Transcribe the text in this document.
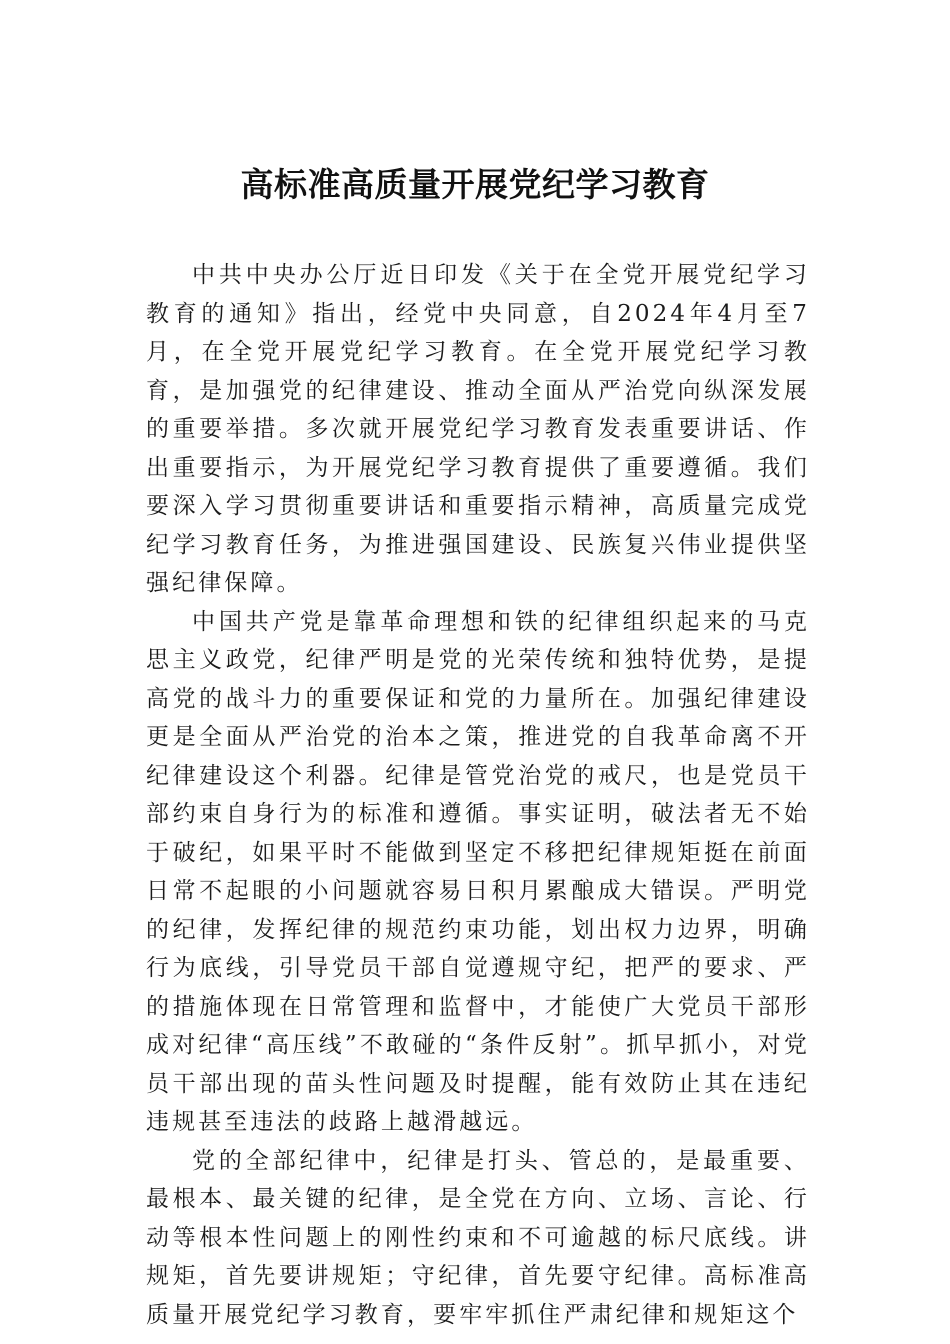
高标准高质量开展党纪学习教育

中共中央办公厅近日印发《关于在全党开展党纪学习教育的通知》指出，经党中央同意，自2024年4月至7月，在全党开展党纪学习教育。在全党开展党纪学习教育，是加强党的纪律建设、推动全面从严治党向纵深发展的重要举措。多次就开展党纪学习教育发表重要讲话、作出重要指示，为开展党纪学习教育提供了重要遵循。我们要深入学习贯彻重要讲话和重要指示精神，高质量完成党纪学习教育任务，为推进强国建设、民族复兴伟业提供坚强纪律保障。

中国共产党是靠革命理想和铁的纪律组织起来的马克思主义政党，纪律严明是党的光荣传统和独特优势，是提高党的战斗力的重要保证和党的力量所在。加强纪律建设更是全面从严治党的治本之策，推进党的自我革命离不开纪律建设这个利器。纪律是管党治党的戒尺，也是党员干部约束自身行为的标准和遵循。事实证明，破法者无不始于破纪，如果平时不能做到坚定不移把纪律规矩挺在前面日常不起眼的小问题就容易日积月累酿成大错误。严明党的纪律，发挥纪律的规范约束功能，划出权力边界，明确行为底线，引导党员干部自觉遵规守纪，把严的要求、严的措施体现在日常管理和监督中，才能使广大党员干部形成对纪律“高压线”不敢碰的“条件反射”。抓早抓小，对党员干部出现的苗头性问题及时提醒，能有效防止其在违纪违规甚至违法的歧路上越滑越远。

党的全部纪律中，纪律是打头、管总的，是最重要、最根本、最关键的纪律，是全党在方向、立场、言论、行动等根本性问题上的刚性约束和不可逾越的标尺底线。讲规矩，首先要讲规矩；守纪律，首先要守纪律。高标准高质量开展党纪学习教育，要牢牢抓住严肃纪律和规矩这个
